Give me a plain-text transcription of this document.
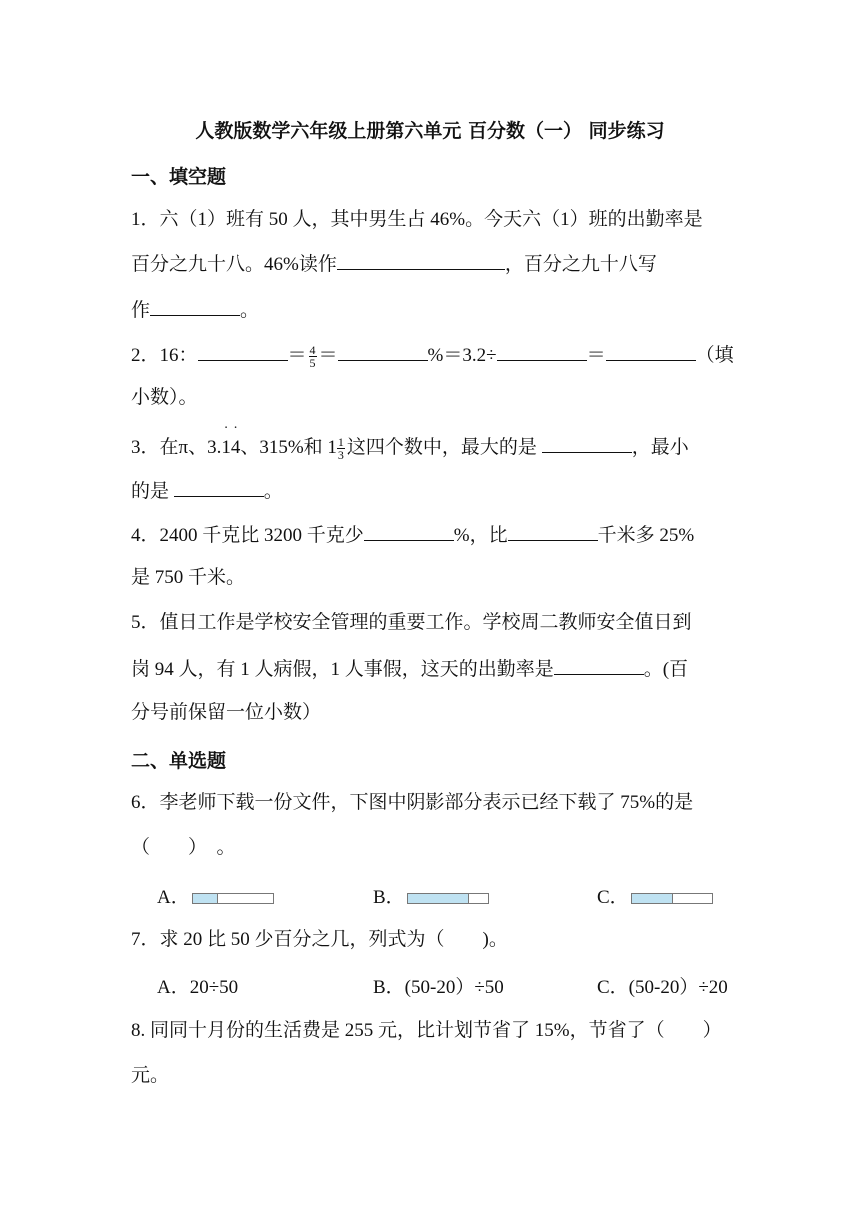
人教版数学六年级上册第六单元 百分数（一） 同步练习
一、填空题
1．六（1）班有 50 人，其中男生占 46%。今天六（1）班的出勤率是
百分之九十八。46%读作	，百分之九十八写
作	。
2．16：	＝ $\frac{4}{5}$ ＝	%＝3.2÷	＝	（填
小数）。
3．在π、3.
·
1
·
4、315%和 $1 \frac{1}{3}$ 这四个数中，最大的是	，最小
的是	。
4．2400 千克比 3200 千克少	%，比	千米多 25%
是 750 千米。
5．值日工作是学校安全管理的重要工作。学校周二教师安全值日到
岗 94 人，有 1 人病假，1 人事假，这天的出勤率是	。(百
分号前保留一位小数）
二、单选题
6．李老师下载一份文件，下图中阴影部分表示已经下载了 75%的是
（　　）　。
A．	B．	C．
7．求 20 比 50 少百分之几，列式为（　　)。
A．20÷50	B．(50-20）÷50	C．(50-20）÷20
8. 同同十月份的生活费是 255 元，比计划节省了 15%，节省了（　　）
元。
